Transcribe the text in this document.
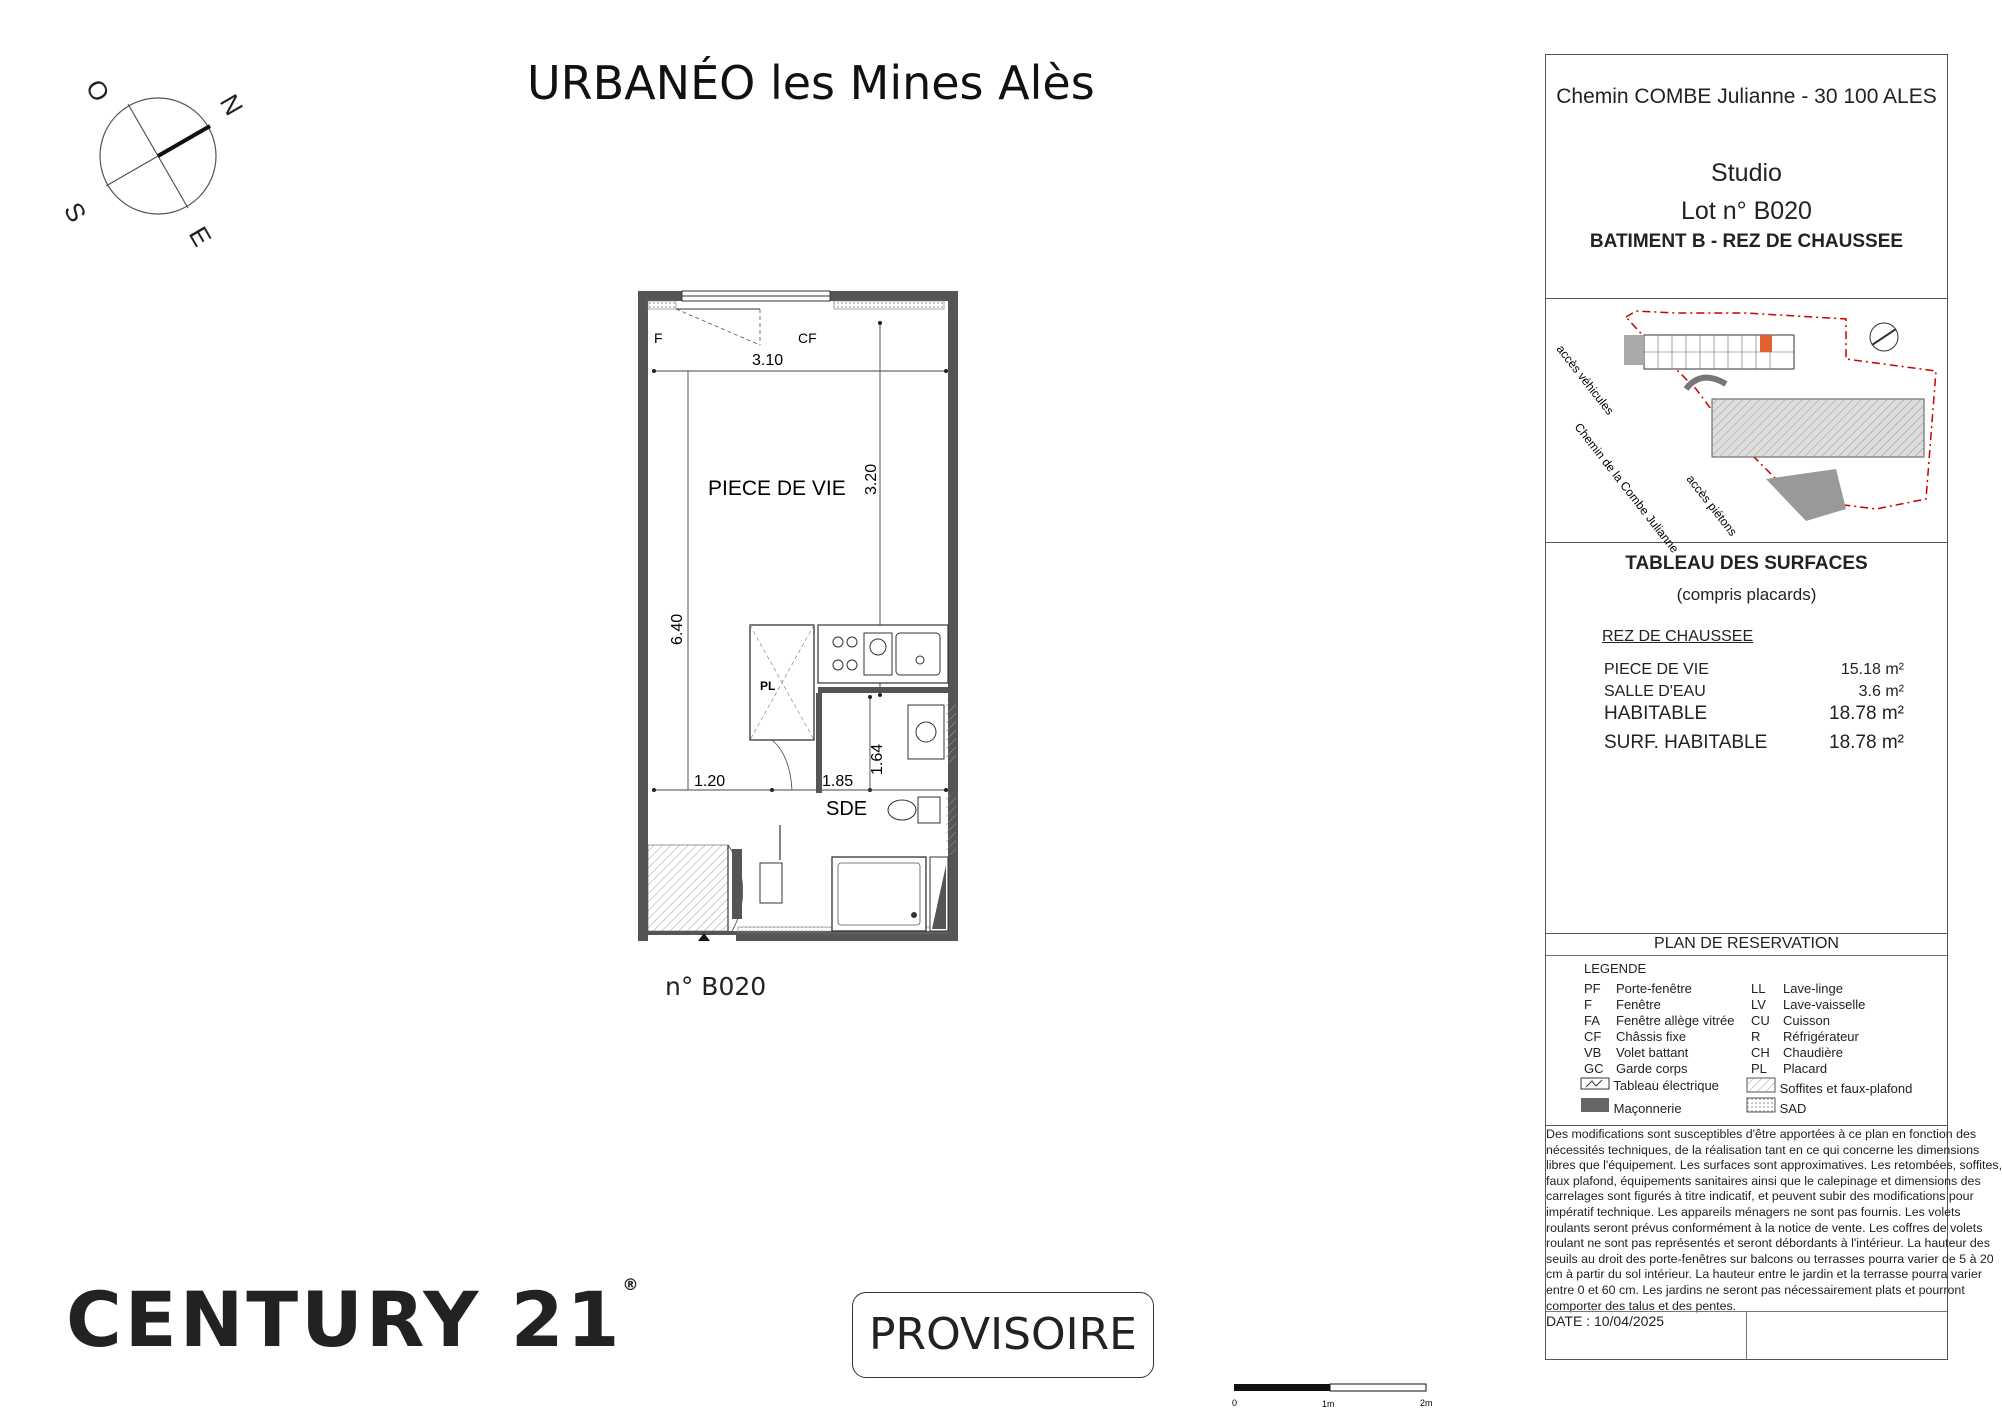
URBANÉO les Mines Alès
O	N
S
E
F	CF
3.10
3.20
6.40
PIECE DE VIE
PL
1.64
1.20	1.85
SDE
n° B020
CENTURY 21®
PROVISOIRE
0	1m	2m
Chemin COMBE Julianne - 30 100 ALES
Studio
Lot n° B020
BATIMENT B - REZ DE CHAUSSEE
accès véhicules
Chemin de la Combe Julianne accès piétons
TABLEAU DES SURFACES
(compris placards)
REZ DE CHAUSSEE
PIECE DE VIE	15.18 m²
SALLE D'EAU	3.6 m²
HABITABLE	18.78 m²
SURF. HABITABLE	18.78 m²
PLAN DE RESERVATION
LEGENDE
PF Porte-fenêtre
F Fenêtre
FA Fenêtre allège vitrée
CF Châssis fixe
VB Volet battant
GC Garde corps
LL Lave-linge
LV Lave-vaisselle
CU Cuisson
R Réfrigérateur
CH Chaudière
PL Placard
Tableau électrique
Maçonnerie
Soffites et faux-plafond
SAD
Des modifications sont susceptibles d'être apportées à ce plan en fonction des
nécessités techniques, de la réalisation tant en ce qui concerne les dimensions
libres que l'équipement. Les surfaces sont approximatives. Les retombées, soffites,
faux plafond, équipements sanitaires ainsi que le calepinage et dimensions des
carrelages sont figurés à titre indicatif, et peuvent subir des modifications pour
impératif technique. Les appareils ménagers ne sont pas fournis. Les volets
roulants seront prévus conformément à la notice de vente. Les coffres de volets
roulant ne sont pas représentés et seront débordants à l'intérieur. La hauteur des
seuils au droit des porte-fenêtres sur balcons ou terrasses pourra varier de 5 à 20
cm à partir du sol intérieur. La hauteur entre le jardin et la terrasse pourra varier
entre 0 et 60 cm. Les jardins ne seront pas nécessairement plats et pourront
comporter des talus et des pentes.
DATE : 10/04/2025
